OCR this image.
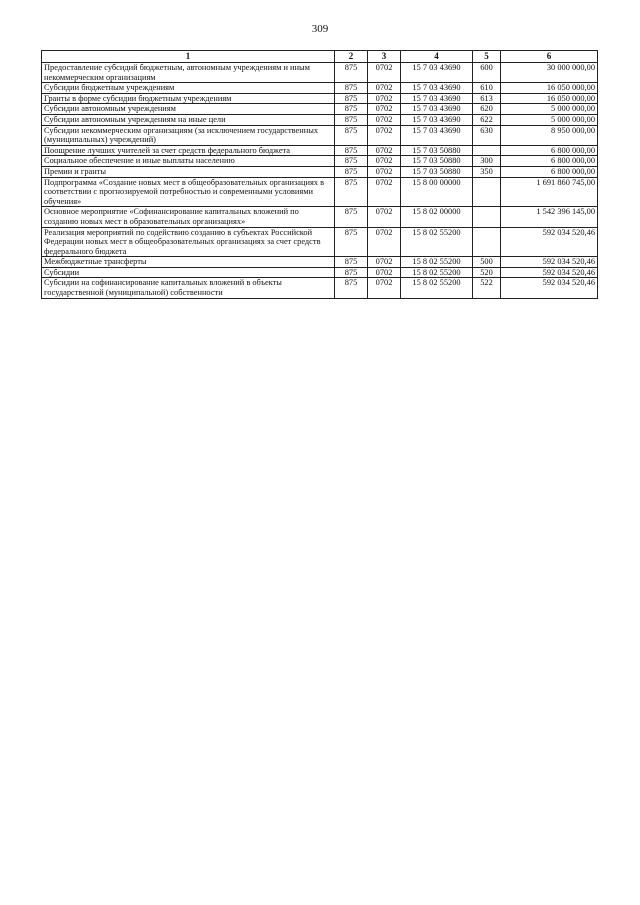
309
1	2	3	4	5	6
Предоставление субсидий бюджетным, автономным учреждениям и иным некоммерческим организациям	875	0702	15 7 03 43690	600	30 000 000,00
Субсидии бюджетным учреждениям	875	0702	15 7 03 43690	610	16 050 000,00
Гранты в форме субсидии бюджетным учреждениям	875	0702	15 7 03 43690	613	16 050 000,00
Субсидии автономным учреждениям	875	0702	15 7 03 43690	620	5 000 000,00
Субсидии автономным учреждениям на иные цели	875	0702	15 7 03 43690	622	5 000 000,00
Субсидии некоммерческим организациям (за исключением государственных (муниципальных) учреждений)	875	0702	15 7 03 43690	630	8 950 000,00
Поощрение лучших учителей за счет средств федерального бюджета	875	0702	15 7 03 50880		6 800 000,00
Социальное обеспечение и иные выплаты населению	875	0702	15 7 03 50880	300	6 800 000,00
Премии и гранты	875	0702	15 7 03 50880	350	6 800 000,00
Подпрограмма «Создание новых мест в общеобразовательных организациях в соответствии с прогнозируемой потребностью и современными условиями обучения»	875	0702	15 8 00 00000		1 691 860 745,00
Основное мероприятие «Софинансирование капитальных вложений по созданию новых мест в образовательных организациях»	875	0702	15 8 02 00000		1 542 396 145,00
Реализация мероприятий по содействию созданию в субъектах Российской Федерации новых мест в общеобразовательных организациях за счет средств федерального бюджета	875	0702	15 8 02 55200		592 034 520,46
Межбюджетные трансферты	875	0702	15 8 02 55200	500	592 034 520,46
Субсидии	875	0702	15 8 02 55200	520	592 034 520,46
Субсидии на софинансирование капитальных вложений в объекты государственной (муниципальной) собственности	875	0702	15 8 02 55200	522	592 034 520,46
